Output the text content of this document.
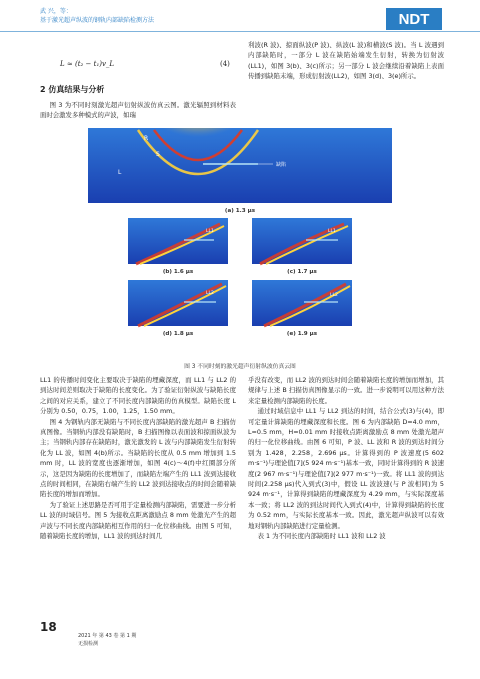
武 兴，等：
基于激光超声纵波的钢轨内部缺陷检测方法	NDT
L ≈ (t₂ − t₁)v_L	(4)
2 仿真结果与分析

图 3 为不同时刻激光超声衍射纵波仿真云图。激光辐照到材料表面时会激发多种模式的声波，如瑞

利波(R 波)、掠面纵波(P 波)、纵波(L 波)和横波(S 波)。当 L 波遇到内部缺陷时，一部分 L 波在缺陷始端发生衍射，转换为衍射波(LL1)，如图 3(b)、3(c)所示；另一部分 L 波会继续沿着缺陷上表面传播到缺陷末端，形成衍射波(LL2)，如图 3(d)、3(e)所示。

缺陷
R
S
L
(a) 1.3 μs
LL1
(b) 1.6 μs
LL1
(c) 1.7 μs
LL2
(d) 1.8 μs
LL2
(e) 1.9 μs
图 3 不同时刻的激光超声衍射纵波仿真云图

LL1 的传播时间变化主要取决于缺陷的埋藏深度，而 LL1 与 LL2 的到达时间差则取决于缺陷的长度变化。为了验证衍射纵波与缺陷长度之间的对应关系，建立了不同长度内部缺陷的仿真模型。缺陷长度 L 分别为 0.50，0.75，1.00，1.25，1.50 mm。

图 4 为钢轨内部无缺陷与不同长度内部缺陷的激光超声 B 扫描仿真图像。当钢轨内部没有缺陷时，B 扫描图像以表面波和掠面纵波为主；当钢轨内部存在缺陷时，激光激发的 L 波与内部缺陷发生衍射转化为 LL 波，如图 4(b)所示。当缺陷的长度从 0.5 mm 增加到 1.5 mm 时，LL 波的宽度也逐渐增加，如图 4(c)～4(f)中红圈部分所示，这是因为缺陷的长度增加了，而缺陷左端产生的 LL1 波到达接收点的时间相同，在缺陷右端产生的 LL2 波到达接收点的时间会随着缺陷长度的增加而增加。

为了验证上述思路是否可用于定量检测内部缺陷，需要进一步分析 LL 波的时域信号。图 5 为接收点距离激励点 8 mm 处激光产生的超声波与不同长度内部缺陷相互作用的归一化位移曲线。由图 5 可知，随着缺陷长度的增加，LL1 波的到达时间几

乎没有改变，而 LL2 波的到达时间会随着缺陷长度的增加而增加，其规律与上述 B 扫描仿真图像显示的一致。进一步说明可以用这种方法来定量检测内部缺陷的长度。

通过时域信息中 LL1 与 LL2 到达的时间，结合公式(3)与(4)，即可定量计算缺陷的埋藏深度和长度。图 6 为内部缺陷 D=4.0 mm，L=0.5 mm，H=0.01 mm 时接收点距离激励点 8 mm 处激光超声的归一化位移曲线。由图 6 可知，P 波、LL 波和 R 波的到达时间分别为 1.428，2.258，2.696 μs。计算得到的 P 波速度(5 602 m·s⁻¹)与理论值[7](5 924 m·s⁻¹)基本一致，同时计算得到的 R 波速度(2 967 m·s⁻¹)与理论值[7](2 977 m·s⁻¹)一致。将 LL1 波的到达时间(2.258 μs)代入到式(3)中，假设 LL 波波速(与 P 波相同)为 5 924 m·s⁻¹，计算得到缺陷的埋藏深度为 4.29 mm，与实际深度基本一致；将 LL2 波的到达时间代入到式(4)中，计算得到缺陷的长度为 0.52 mm，与实际长度基本一致。因此，激光超声纵波可以有效地对钢轨内部缺陷进行定量检测。

表 1 为不同长度内部缺陷时 LL1 波和 LL2 波

18
2021 年 第 43 卷 第 1 期
无损检测
